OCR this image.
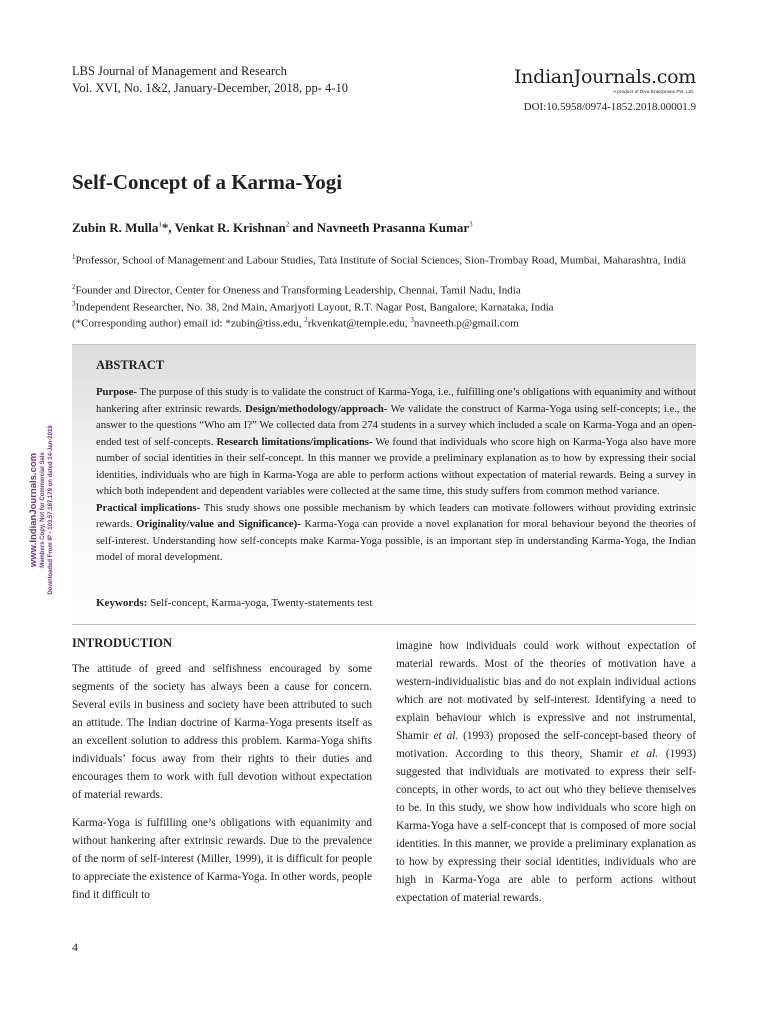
LBS Journal of Management and Research
Vol. XVI, No. 1&2, January-December, 2018, pp- 4-10	IndianJournals.com
A product of Diva Enterprises Pvt. Ltd.
DOI:10.5958/0974-1852.2018.00001.9
Self-Concept of a Karma-Yogi
Zubin R. Mulla$^1$*, Venkat R. Krishnan$^2$ and Navneeth Prasanna Kumar$^3$
$^1$Professor, School of Management and Labour Studies, Tata Institute of Social Sciences, Sion-Trombay Road, Mumbai, Maharashtra, India
$^2$Founder and Director, Center for Oneness and Transforming Leadership, Chennai, Tamil Nadu, India
$^3$Independent Researcher, No. 38, 2nd Main, Amarjyoti Layout, R.T. Nagar Post, Bangalore, Karnataka, India
(*Corresponding author) email id: *zubin@tiss.edu, $^2$rkvenkat@temple.edu, $^3$navneeth.p@gmail.com
ABSTRACT
Purpose- The purpose of this study is to validate the construct of Karma-Yoga, i.e., fulfilling one’s obligations with equanimity and without hankering after extrinsic rewards. Design/methodology/approach- We validate the construct of Karma-Yoga using self-concepts; i.e., the answer to the questions “Who am I?” We collected data from 274 students in a survey which included a scale on Karma-Yoga and an open-ended test of self-concepts. Research limitations/implications- We found that individuals who score high on Karma-Yoga also have more number of social identities in their self-concept. In this manner we provide a preliminary explanation as to how by expressing their social identities, individuals who are high in Karma-Yoga are able to perform actions without expectation of material rewards. Being a survey in which both independent and dependent variables were collected at the same time, this study suffers from common method variance.
Practical implications- This study shows one possible mechanism by which leaders can motivate followers without providing extrinsic rewards. Originality/value and Significance)- Karma-Yoga can provide a novel explanation for moral behaviour beyond the theories of self-interest. Understanding how self-concepts make Karma-Yoga possible, is an important step in understanding Karma-Yoga, the Indian model of moral development.
Keywords: Self-concept, Karma-yoga, Twenty-statements test
INTRODUCTION

The attitude of greed and selfishness encouraged by some segments of the society has always been a cause for concern. Several evils in business and society have been attributed to such an attitude. The Indian doctrine of Karma-Yoga presents itself as an excellent solution to address this problem. Karma-Yoga shifts individuals’ focus away from their rights to their duties and encourages them to work with full devotion without expectation of material rewards.

Karma-Yoga is fulfilling one’s obligations with equanimity and without hankering after extrinsic rewards. Due to the prevalence of the norm of self-interest (Miller, 1999), it is difficult for people to appreciate the existence of Karma-Yoga. In other words, people find it difficult to

imagine how individuals could work without expectation of material rewards. Most of the theories of motivation have a western-individualistic bias and do not explain individual actions which are not motivated by self-interest. Identifying a need to explain behaviour which is expressive and not instrumental, Shamir et al. (1993) proposed the self-concept-based theory of motivation. According to this theory, Shamir et al. (1993) suggested that individuals are motivated to express their self-concepts, in other words, to act out who they believe themselves to be. In this study, we show how individuals who score high on Karma-Yoga have a self-concept that is composed of more social identities. In this manner, we provide a preliminary explanation as to how by expressing their social identities, individuals who are high in Karma-Yoga are able to perform actions without expectation of material rewards.

4
www.IndianJournals.com Members Copy, Not for Commercial Sale Downloaded From IP - 103.57.187.179 on dated 14-Jan-2019
